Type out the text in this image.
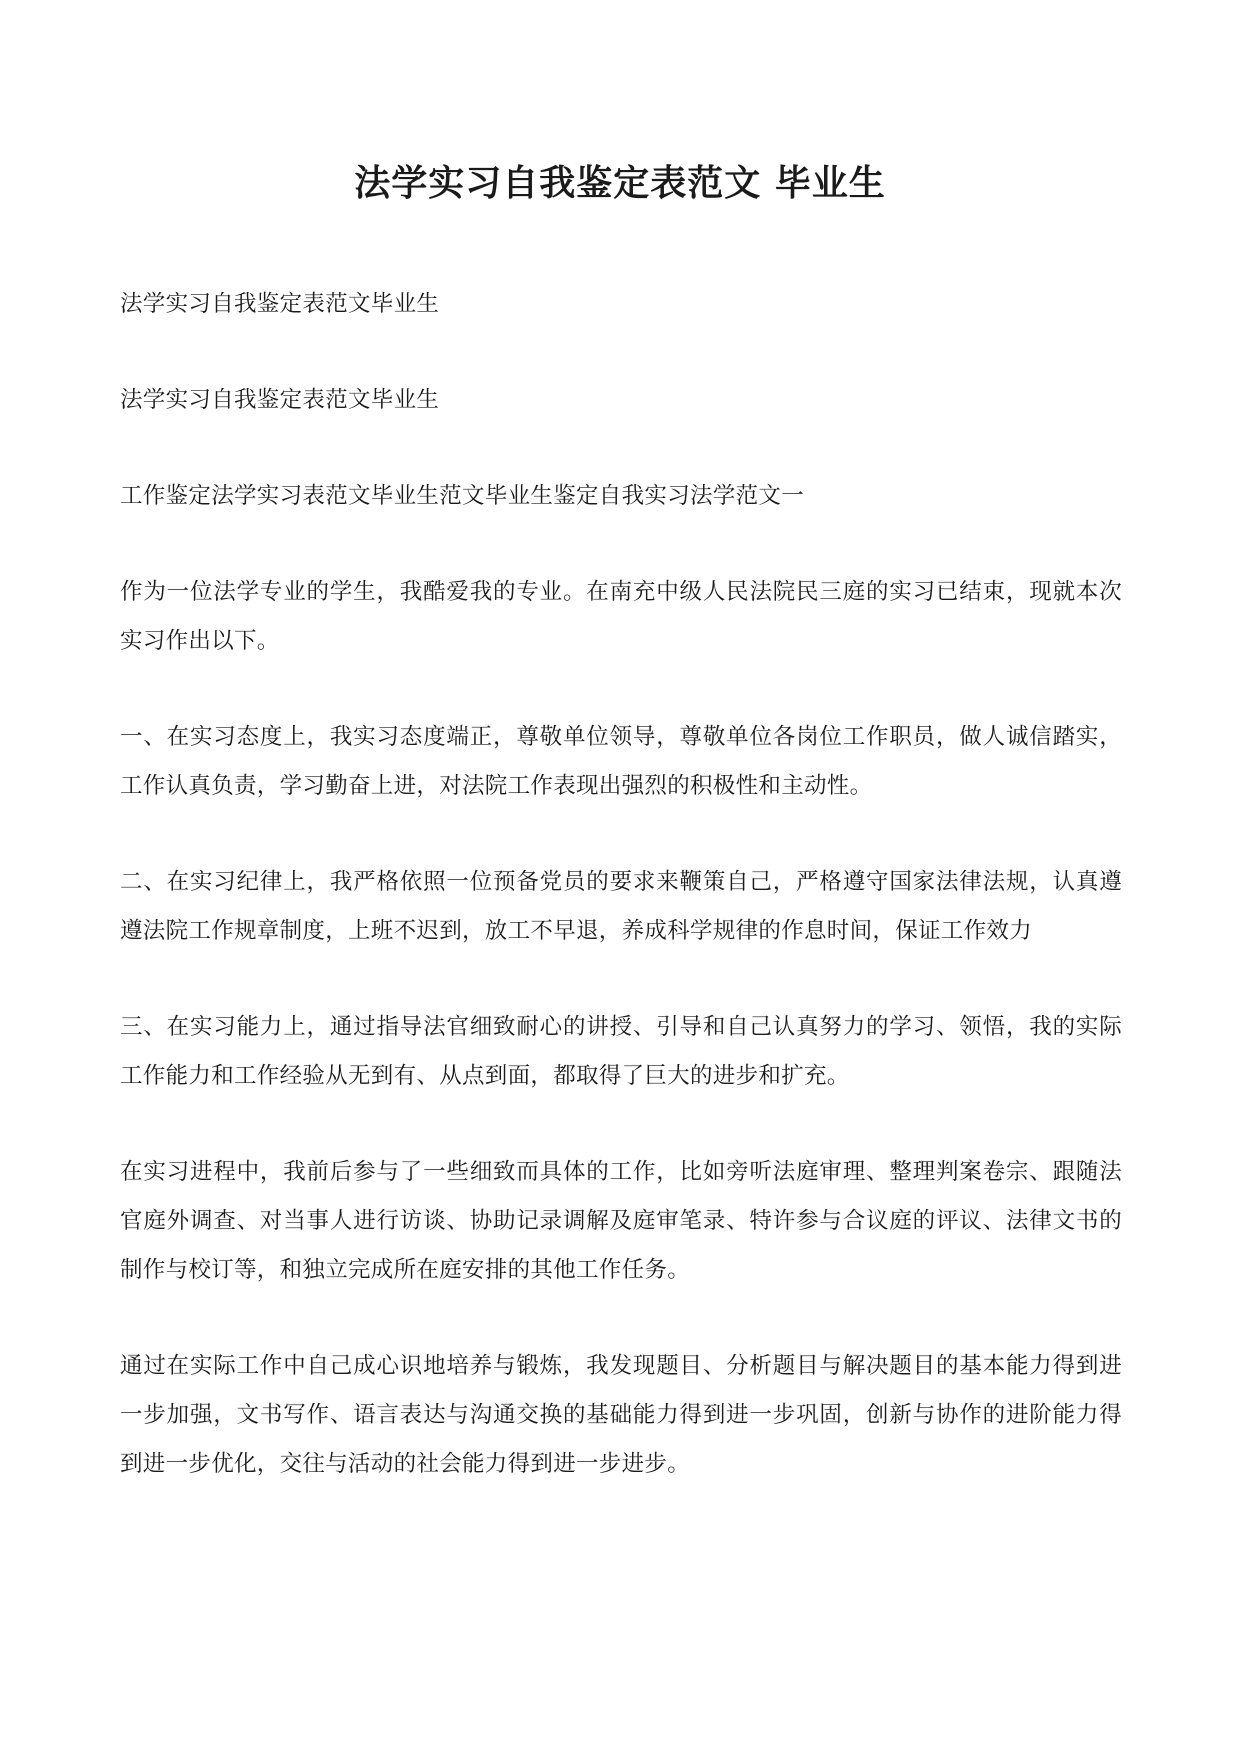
法学实习自我鉴定表范文 毕业生

法学实习自我鉴定表范文毕业生

法学实习自我鉴定表范文毕业生

工作鉴定法学实习表范文毕业生范文毕业生鉴定自我实习法学范文一

作为一位法学专业的学生，我酷爱我的专业。在南充中级人民法院民三庭的实习已结束，现就本次实习作出以下。

一、在实习态度上，我实习态度端正，尊敬单位领导，尊敬单位各岗位工作职员，做人诚信踏实，工作认真负责，学习勤奋上进，对法院工作表现出强烈的积极性和主动性。

二、在实习纪律上，我严格依照一位预备党员的要求来鞭策自己，严格遵守国家法律法规，认真遵遵法院工作规章制度，上班不迟到，放工不早退，养成科学规律的作息时间，保证工作效力

三、在实习能力上，通过指导法官细致耐心的讲授、引导和自己认真努力的学习、领悟，我的实际工作能力和工作经验从无到有、从点到面，都取得了巨大的进步和扩充。

在实习进程中，我前后参与了一些细致而具体的工作，比如旁听法庭审理、整理判案卷宗、跟随法官庭外调查、对当事人进行访谈、协助记录调解及庭审笔录、特许参与合议庭的评议、法律文书的制作与校订等，和独立完成所在庭安排的其他工作任务。

通过在实际工作中自己成心识地培养与锻炼，我发现题目、分析题目与解决题目的基本能力得到进一步加强，文书写作、语言表达与沟通交换的基础能力得到进一步巩固，创新与协作的进阶能力得到进一步优化，交往与活动的社会能力得到进一步进步。
